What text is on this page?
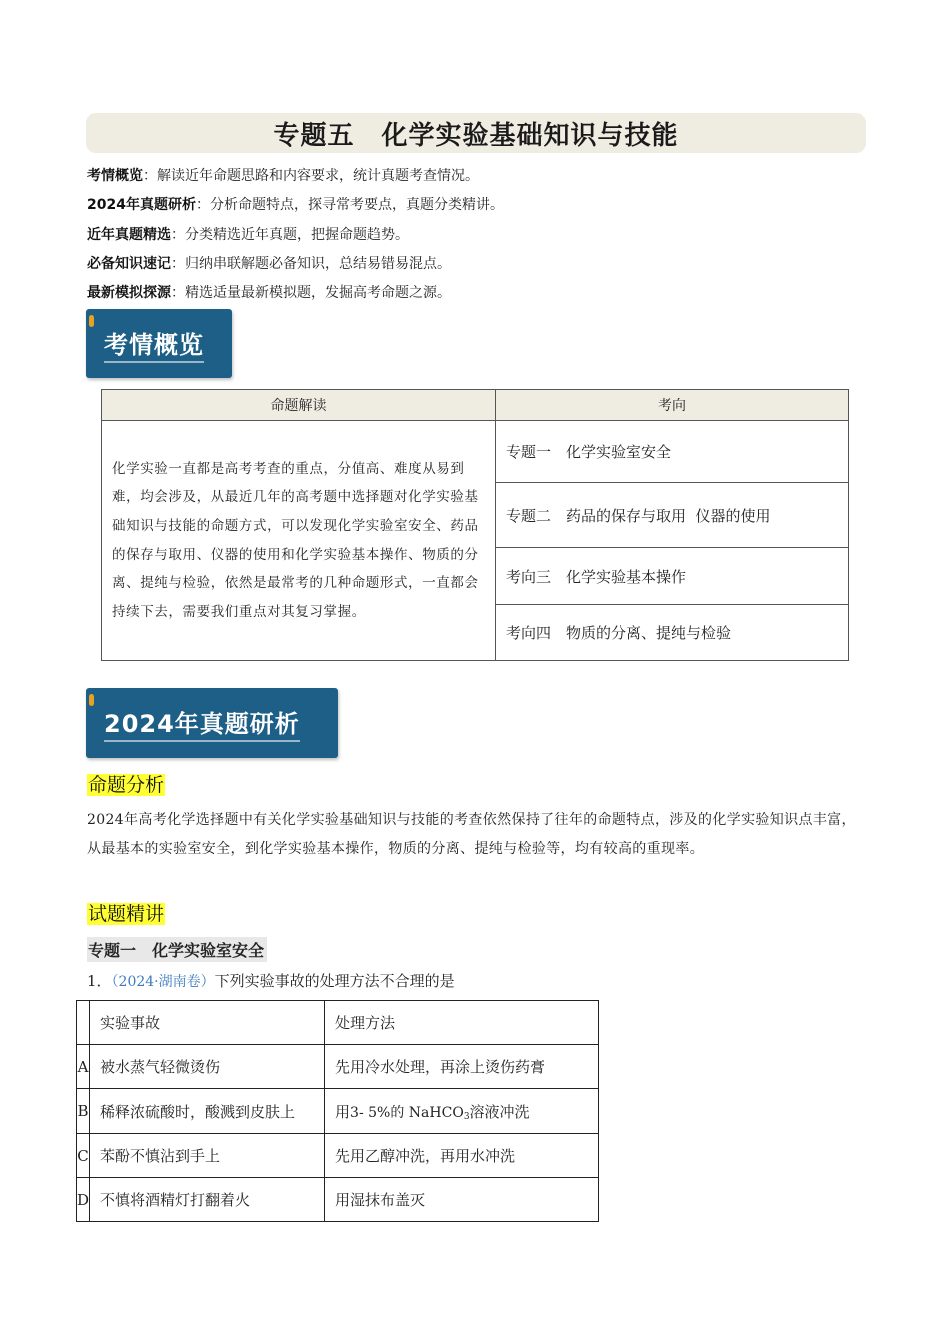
专题五　化学实验基础知识与技能
考情概览：解读近年命题思路和内容要求，统计真题考查情况。
2024年真题研析：分析命题特点，探寻常考要点，真题分类精讲。
近年真题精选：分类精选近年真题，把握命题趋势。
必备知识速记：归纳串联解题必备知识，总结易错易混点。
最新模拟探源：精选适量最新模拟题，发掘高考命题之源。
考情概览
命题解读	考向
化学实验一直都是高考考查的重点，分值高、难度从易到难，均会涉及，从最近几年的高考题中选择题对化学实验基础知识与技能的命题方式，可以发现化学实验室安全、药品的保存与取用、仪器的使用和化学实验基本操作、物质的分离、提纯与检验，依然是最常考的几种命题形式，一直都会持续下去，需要我们重点对其复习掌握。	专题一　化学实验室安全
	专题二　药品的保存与取用  仪器的使用
	考向三　化学实验基本操作
	考向四　物质的分离、提纯与检验
2024年真题研析
命题分析
2024年高考化学选择题中有关化学实验基础知识与技能的考查依然保持了往年的命题特点，涉及的化学实验知识点丰富，从最基本的实验室安全，到化学实验基本操作，物质的分离、提纯与检验等，均有较高的重现率。
试题精讲
专题一　化学实验室安全
1．（2024·湖南卷）下列实验事故的处理方法不合理的是
	实验事故	处理方法
A	被水蒸气轻微烫伤	先用冷水处理，再涂上烫伤药膏
B	稀释浓硫酸时，酸溅到皮肤上	用3- 5%的 NaHCO$_3$溶液冲洗
C	苯酚不慎沾到手上	先用乙醇冲洗，再用水冲洗
D	不慎将酒精灯打翻着火	用湿抹布盖灭
